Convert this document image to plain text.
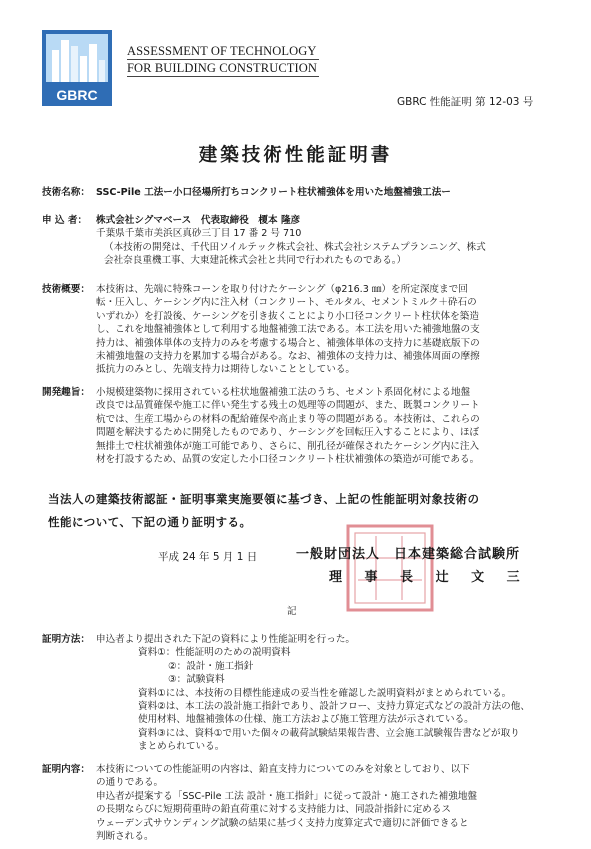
GBRC
ASSESSMENT OF TECHNOLOGY
FOR BUILDING CONSTRUCTION
GBRC 性能証明 第 12-03 号
建築技術性能証明書
技術名称： SSC-Pile 工法ー小口径場所打ちコンクリート柱状補強体を用いた地盤補強工法ー

申 込 者： 株式会社シグマベース　代表取締役　榎本 隆彦

千葉県千葉市美浜区真砂三丁目 17 番 2 号 710

（本技術の開発は、千代田ソイルテック株式会社、株式会社システムプランニング、株式

会社奈良重機工事、大東建託株式会社と共同で行われたものである。）

技術概要： 本技術は、先端に特殊コーンを取り付けたケーシング（φ216.3 ㎜）を所定深度まで回

転・圧入し、ケーシング内に注入材（コンクリート、モルタル、セメントミルク＋砕石の

いずれか）を打設後、ケーシングを引き抜くことにより小口径コンクリート柱状体を築造

し、これを地盤補強体として利用する地盤補強工法である。本工法を用いた補強地盤の支

持力は、補強体単体の支持力のみを考慮する場合と、補強体単体の支持力に基礎底版下の

未補強地盤の支持力を累加する場合がある。なお、補強体の支持力は、補強体周面の摩擦

抵抗力のみとし、先端支持力は期待しないこととしている。

開発趣旨： 小規模建築物に採用されている柱状地盤補強工法のうち、セメント系固化材による地盤

改良では品質確保や施工に伴い発生する残土の処理等の問題が、また、既製コンクリート

杭では、生産工場からの材料の配給確保や高止まり等の問題がある。本技術は、これらの

問題を解決するために開発したものであり、ケーシングを回転圧入することにより、ほぼ

無排土で柱状補強体が施工可能であり、さらに、削孔径が確保されたケーシング内に注入

材を打設するため、品質の安定した小口径コンクリート柱状補強体の築造が可能である。

当法人の建築技術認証・証明事業実施要領に基づき、上記の性能証明対象技術の

性能について、下記の通り証明する。

平成 24 年 5 月 1 日	一般財団法人　日本建築総合試験所
理 事 長 辻 文 三
記
証明方法： 申込者より提出された下記の資料により性能証明を行った。

資料①：性能証明のための説明資料

②：設計・施工指針

③：試験資料

資料①には、本技術の目標性能達成の妥当性を確認した説明資料がまとめられている。

資料②は、本工法の設計施工指針であり、設計フロー、支持力算定式などの設計方法の他、

使用材料、地盤補強体の仕様、施工方法および施工管理方法が示されている。

資料③には、資料①で用いた個々の載荷試験結果報告書、立会施工試験報告書などが取り

まとめられている。

証明内容： 本技術についての性能証明の内容は、鉛直支持力についてのみを対象としており、以下

の通りである。

申込者が提案する「SSC-Pile 工法 設計・施工指針」に従って設計・施工された補強地盤

の長期ならびに短期荷重時の鉛直荷重に対する支持能力は、同設計指針に定めるス

ウェーデン式サウンディング試験の結果に基づく支持力度算定式で適切に評価できると

判断される。
